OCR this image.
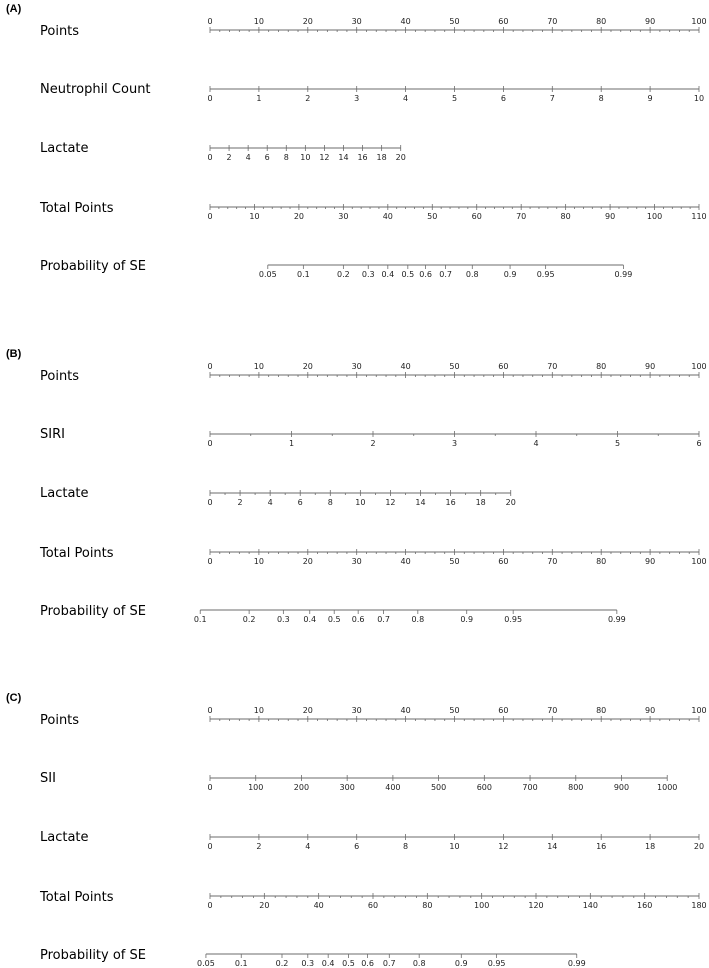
(A)
Points
0	10	20	30	40	50	60	70	80	90	100
Neutrophil Count
0	1	2	3	4	5	6	7	8	9	10
Lactate
0 2 4 6 8 10 12 14 16 18 20
Total Points
0	10	20	30	40	50	60	70	80	90	100	110
Probability of SE
0.05	0.1	0.2 0.3 0.4 0.5 0.6 0.7 0.8	0.9	0.95	0.99
(B)
Points
0	10	20	30	40	50	60	70	80	90	100
SIRI
0	1	2	3	4	5	6
Lactate
0	2	4	6	8	10 12 14 16 18 20
Total Points
0	10	20	30	40	50	60	70	80	90	100
Probability of SE
0.1	0.2	0.3 0.4 0.5 0.6 0.7	0.8	0.9	0.95	0.99
(C)
Points
0	10	20	30	40	50	60	70	80	90	100
SII
0	100	200	300	400	500	600	700	800	900	1000
Lactate
0	2	4	6	8	10	12	14	16	18	20
Total Points
0	20	40	60	80	100	120	140	160	180
Probability of SE
0.05	0.1	0.2 0.3 0.4 0.5 0.6 0.7 0.8	0.9	0.95	0.99
